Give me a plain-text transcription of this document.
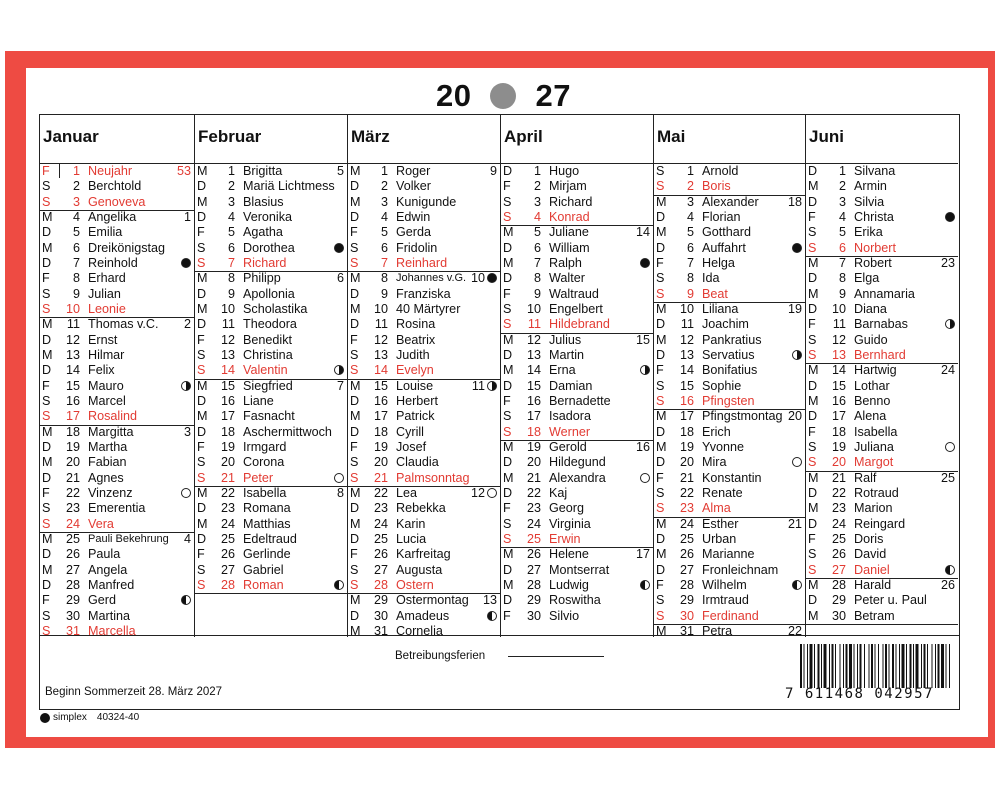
20 27
Januar
F	1 Neujahr	53
S	2 Berchtold
S	3 Genoveva
M	4 Angelika	1
D	5 Emilia
M	6 Dreikönigstag
D	7 Reinhold
F	8 Erhard
S	9 Julian
S	10 Leonie
M	11 Thomas v.C. 2
D	12 Ernst
M	13 Hilmar
D	14 Felix
F	15 Mauro
S	16 Marcel
S	17 Rosalind
M	18 Margitta	3
D	19 Martha
M	20 Fabian
D	21 Agnes
F	22 Vinzenz
S	23 Emerentia
S	24 Vera
M	25 Pauli Bekehrung 4
D	26 Paula
M	27 Angela
D	28 Manfred
F	29 Gerd
S	30 Martina
S	31 Marcella
Februar
M	1 Brigitta	5
D	2 Mariä Lichtmess
M	3 Blasius
D	4 Veronika
F	5 Agatha
S	6 Dorothea
S	7 Richard
M	8 Philipp	6
D	9 Apollonia
M	10 Scholastika
D	11 Theodora
F	12 Benedikt
S	13 Christina
S	14 Valentin
M	15 Siegfried	7
D	16 Liane
M	17 Fasnacht
D	18 Aschermittwoch
F	19 Irmgard
S	20 Corona
S	21 Peter
M	22 Isabella	8
D	23 Romana
M	24 Matthias
D	25 Edeltraud
F	26 Gerlinde
S	27 Gabriel
S	28 Roman
März
M	1 Roger	9
D	2 Volker
M	3 Kunigunde
D	4 Edwin
F	5 Gerda
S	6 Fridolin
S	7 Reinhard
M	8 Johannes v.G. 10
D	9 Franziska
M	10 40 Märtyrer
D	11 Rosina
F	12 Beatrix
S	13 Judith
S	14 Evelyn
M	15 Louise	11
D	16 Herbert
M	17 Patrick
D	18 Cyrill
F	19 Josef
S	20 Claudia
S	21 Palmsonntag
M	22 Lea	12
D	23 Rebekka
M	24 Karin
D	25 Lucia
F	26 Karfreitag
S	27 Augusta
S	28 Ostern
M	29 Ostermontag 13
D	30 Amadeus
M	31 Cornelia
April
D	1 Hugo
F	2 Mirjam
S	3 Richard
S	4 Konrad
M	5 Juliane	14
D	6 William
M	7 Ralph
D	8 Walter
F	9 Waltraud
S	10 Engelbert
S	11 Hildebrand
M	12 Julius	15
D	13 Martin
M	14 Erna
D	15 Damian
F	16 Bernadette
S	17 Isadora
S	18 Werner
M	19 Gerold	16
D	20 Hildegund
M	21 Alexandra
D	22 Kaj
F	23 Georg
S	24 Virginia
S	25 Erwin
M	26 Helene	17
D	27 Montserrat
M	28 Ludwig
D	29 Roswitha
F	30 Silvio
Mai
S	1 Arnold
S	2 Boris
M	3 Alexander 18
D	4 Florian
M	5 Gotthard
D	6 Auffahrt
F	7 Helga
S	8 Ida
S	9 Beat
M	10 Liliana	19
D	11 Joachim
M	12 Pankratius
D	13 Servatius
F	14 Bonifatius
S	15 Sophie
S	16 Pfingsten
M	17 Pfingstmontag 20
D	18 Erich
M	19 Yvonne
D	20 Mira
F	21 Konstantin
S	22 Renate
S	23 Alma
M	24 Esther	21
D	25 Urban
M	26 Marianne
D	27 Fronleichnam
F	28 Wilhelm
S	29 Irmtraud
S	30 Ferdinand
M	31 Petra	22
Juni
D	1 Silvana
M	2 Armin
D	3 Silvia
F	4 Christa
S	5 Erika
S	6 Norbert
M	7 Robert	23
D	8 Elga
M	9 Annamaria
D	10 Diana
F	11 Barnabas
S	12 Guido
S	13 Bernhard
M	14 Hartwig	24
D	15 Lothar
M	16 Benno
D	17 Alena
F	18 Isabella
S	19 Juliana
S	20 Margot
M	21 Ralf	25
D	22 Rotraud
M	23 Marion
D	24 Reingard
F	25 Doris
S	26 David
S	27 Daniel
M	28 Harald	26
D	29 Peter u. Paul
M	30 Betram
Betreibungsferien
Beginn Sommerzeit 28. März 2027	7 611468 042957
simplex 40324-40
